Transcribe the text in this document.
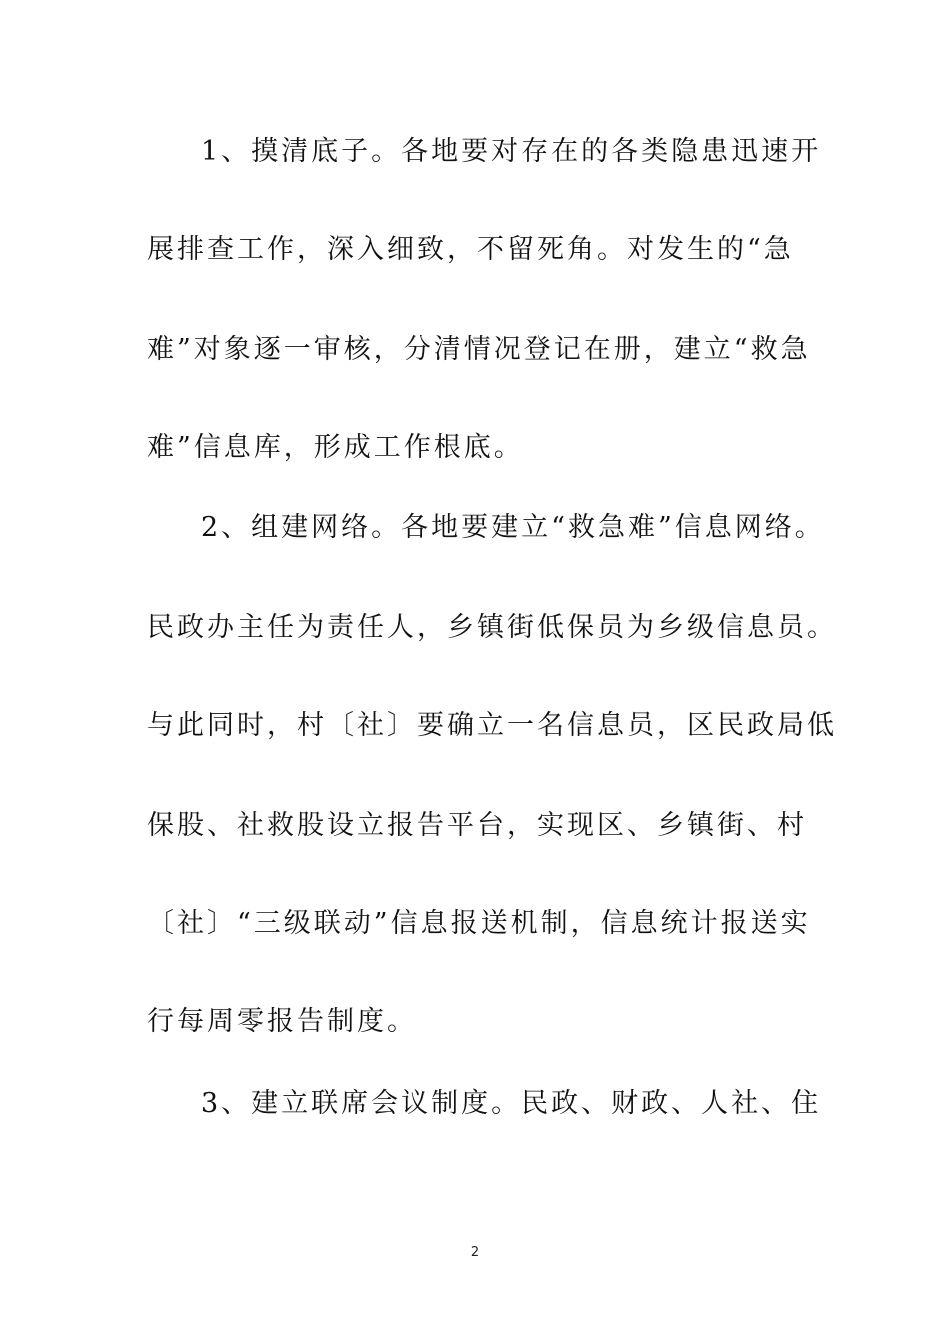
1、摸清底子。各地要对存在的各类隐患迅速开
展排查工作，深入细致，不留死角。对发生的“急
难”对象逐一审核，分清情况登记在册，建立“救急
难”信息库，形成工作根底。
2、组建网络。各地要建立“救急难”信息网络。
民政办主任为责任人，乡镇街低保员为乡级信息员。
与此同时，村〔社〕要确立一名信息员，区民政局低
保股、社救股设立报告平台，实现区、乡镇街、村
〔社〕“三级联动”信息报送机制，信息统计报送实
行每周零报告制度。
3、建立联席会议制度。民政、财政、人社、住
2
